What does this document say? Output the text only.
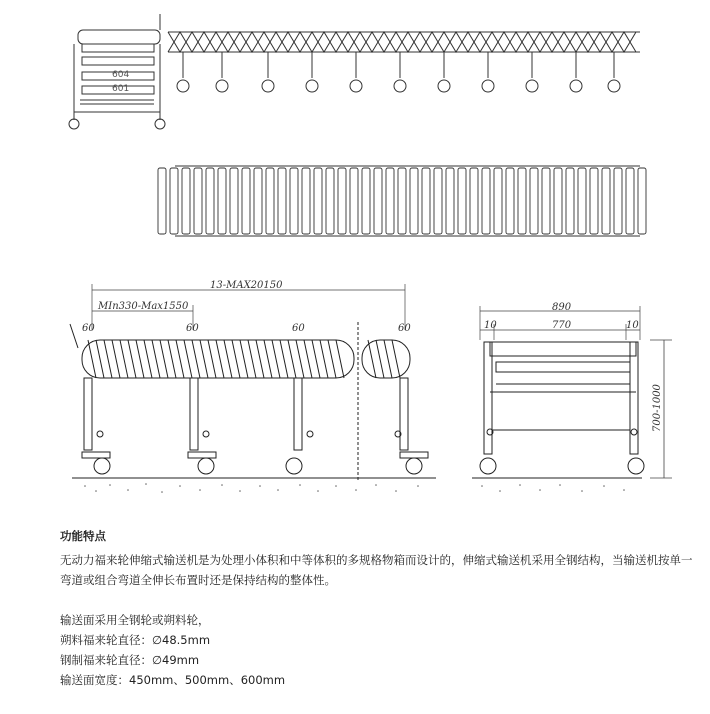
604
601
13-MAX20150
MIn330-Max1550
60	60	60	60
890
10	770	10
700-1000

功能特点

无动力福来轮伸缩式输送机是为处理小体积和中等体积的多规格物箱而设计的，伸缩式输送机采用全钢结构，当输送机按单一弯道或组合弯道全伸长布置时还是保持结构的整体性。

输送面采用全钢轮或朔料轮，

朔料福来轮直径：∅48.5mm

钢制福来轮直径：∅49mm

输送面宽度：450mm、500mm、600mm
